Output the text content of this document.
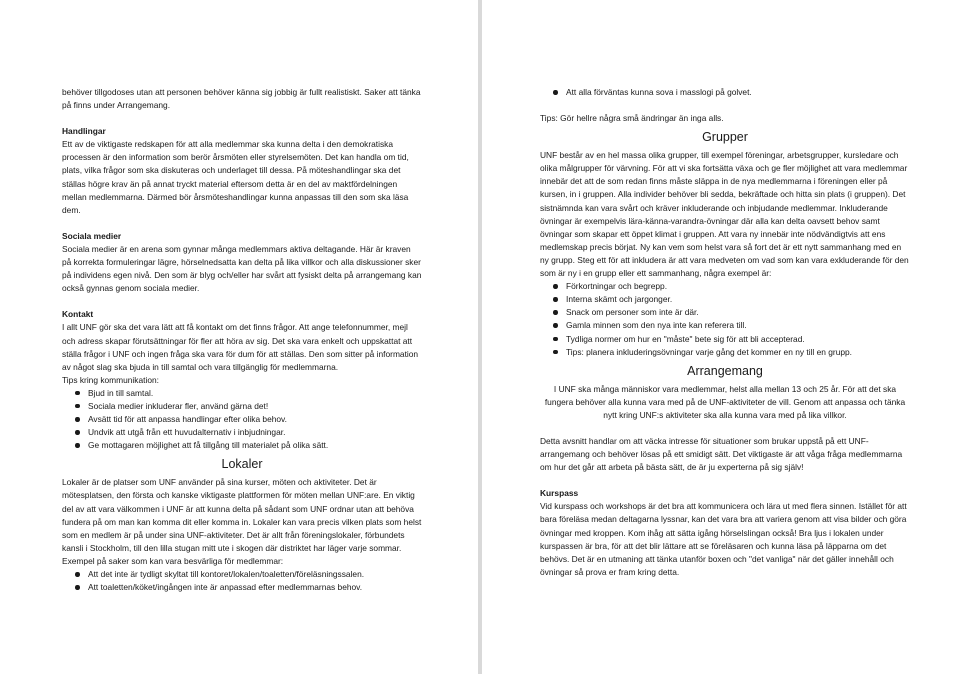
behöver tillgodoses utan att personen behöver känna sig jobbig är fullt realistiskt. Saker att tänka på finns under Arrangemang.

Handlingar

Ett av de viktigaste redskapen för att alla medlemmar ska kunna delta i den demokratiska processen är den information som berör årsmöten eller styrelsemöten. Det kan handla om tid, plats, vilka frågor som ska diskuteras och underlaget till dessa. På möteshandlingar ska det ställas högre krav än på annat tryckt material eftersom detta är en del av maktfördelningen mellan medlemmarna. Därmed bör årsmöteshandlingar kunna anpassas till den som ska läsa dem.

Sociala medier

Sociala medier är en arena som gynnar många medlemmars aktiva deltagande. Här är kraven på korrekta formuleringar lägre, hörselnedsatta kan delta på lika villkor och alla diskussioner sker på individens egen nivå. Den som är blyg och/eller har svårt att fysiskt delta på arrangemang kan också gynnas genom sociala medier.

Kontakt

I allt UNF gör ska det vara lätt att få kontakt om det finns frågor. Att ange telefonnummer, mejl och adress skapar förutsättningar för fler att höra av sig. Det ska vara enkelt och uppskattat att ställa frågor i UNF och ingen fråga ska vara för dum för att ställas. Den som sitter på information av något slag ska bjuda in till samtal och vara tillgänglig för medlemmarna.

Tips kring kommunikation:

Bjud in till samtal.
Sociala medier inkluderar fler, använd gärna det!
Avsätt tid för att anpassa handlingar efter olika behov.
Undvik att utgå från ett huvudalternativ i inbjudningar.
Ge mottagaren möjlighet att få tillgång till materialet på olika sätt.
Lokaler

Lokaler är de platser som UNF använder på sina kurser, möten och aktiviteter. Det är mötesplatsen, den första och kanske viktigaste plattformen för möten mellan UNF:are. En viktig del av att vara välkommen i UNF är att kunna delta på sådant som UNF ordnar utan att behöva fundera på om man kan komma dit eller komma in. Lokaler kan vara precis vilken plats som helst som en medlem är på under sina UNF-aktiviteter. Det är allt från föreningslokaler, förbundets kansli i Stockholm, till den lilla stugan mitt ute i skogen där distriktet har läger varje sommar.

Exempel på saker som kan vara besvärliga för medlemmar:

Att det inte är tydligt skyltat till kontoret/lokalen/toaletten/föreläsningssalen.
Att toaletten/köket/ingången inte är anpassad efter medlemmarnas behov.
Att alla förväntas kunna sova i masslogi på golvet.

Tips: Gör hellre några små ändringar än inga alls.

Grupper

UNF består av en hel massa olika grupper, till exempel föreningar, arbetsgrupper, kursledare och olika målgrupper för värvning. För att vi ska fortsätta växa och ge fler möjlighet att vara medlemmar innebär det att de som redan finns måste släppa in de nya medlemmarna i föreningen eller på kursen, in i gruppen. Alla individer behöver bli sedda, bekräftade och hitta sin plats (i gruppen). Det sistnämnda kan vara svårt och kräver inkluderande och inbjudande medlemmar. Inkluderande övningar är exempelvis lära-känna-varandra-övningar där alla kan delta oavsett behov samt övningar som skapar ett öppet klimat i gruppen. Att vara ny innebär inte nödvändigtvis att ens medlemskap precis börjat. Ny kan vem som helst vara så fort det är ett nytt sammanhang med en ny grupp. Steg ett för att inkludera är att vara medveten om vad som kan vara exkluderande för den som är ny i en grupp eller ett sammanhang, några exempel är:

Förkortningar och begrepp.
Interna skämt och jargonger.
Snack om personer som inte är där.
Gamla minnen som den nya inte kan referera till.
Tydliga normer om hur en "måste" bete sig för att bli accepterad.
Tips: planera inkluderingsövningar varje gång det kommer en ny till en grupp.
Arrangemang

I UNF ska många människor vara medlemmar, helst alla mellan 13 och 25 år. För att det ska fungera behöver alla kunna vara med på de UNF-aktiviteter de vill. Genom att anpassa och tänka nytt kring UNF:s aktiviteter ska alla kunna vara med på lika villkor.

Detta avsnitt handlar om att väcka intresse för situationer som brukar uppstå på ett UNF-arrangemang och behöver lösas på ett smidigt sätt. Det viktigaste är att våga fråga medlemmarna om hur det går att arbeta på bästa sätt, de är ju experterna på sig själv!

Kurspass

Vid kurspass och workshops är det bra att kommunicera och lära ut med flera sinnen. Istället för att bara föreläsa medan deltagarna lyssnar, kan det vara bra att variera genom att visa bilder och göra övningar med kroppen. Kom ihåg att sätta igång hörselslingan också! Bra ljus i lokalen under kurspassen är bra, för att det blir lättare att se föreläsaren och kunna läsa på läpparna om det behövs. Det är en utmaning att tänka utanför boxen och "det vanliga" när det gäller innehåll och övningar så prova er fram kring detta.
